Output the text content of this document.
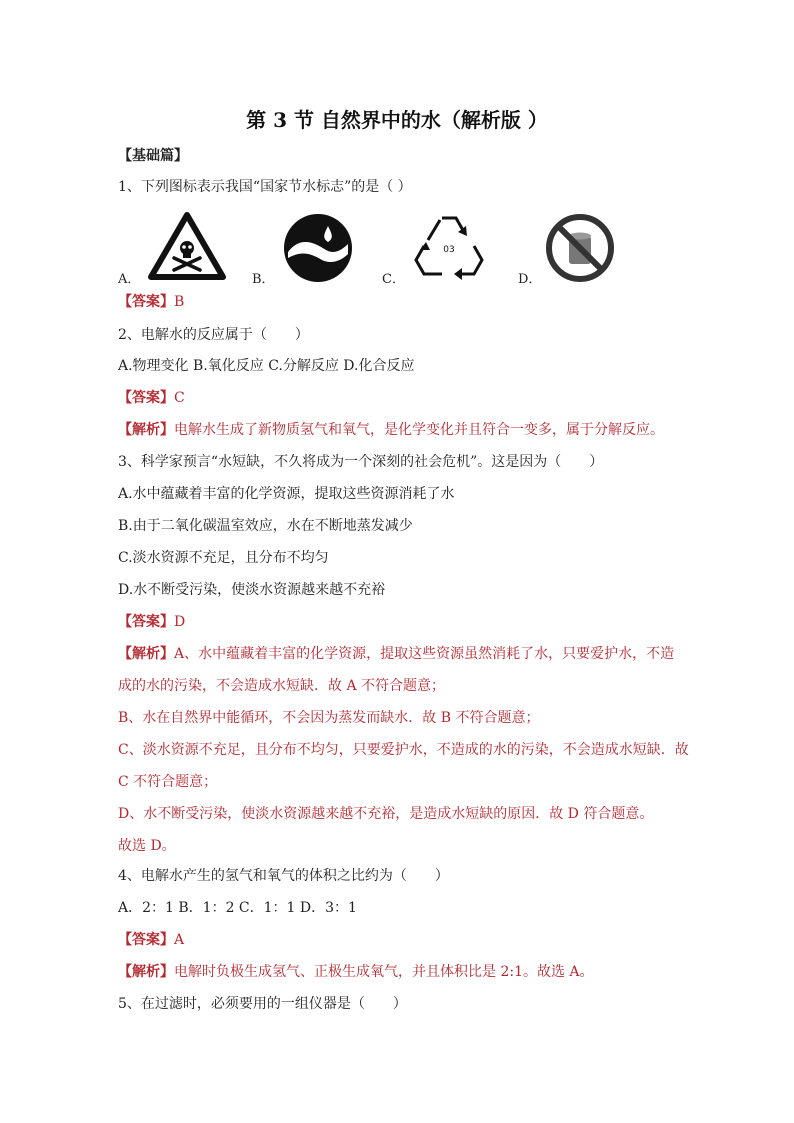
第 3 节 自然界中的水（解析版 ）
【基础篇】
1、下列图标表示我国“国家节水标志”的是（ ）
03
A．	B．	C．	D．
【答案】B
2、电解水的反应属于（　　）
A.物理变化 B.氧化反应 C.分解反应 D.化合反应
【答案】C
【解析】电解水生成了新物质氢气和氧气，是化学变化并且符合一变多，属于分解反应。
3、科学家预言“水短缺，不久将成为一个深刻的社会危机”。这是因为（　　）
A.水中蕴藏着丰富的化学资源，提取这些资源消耗了水
B.由于二氧化碳温室效应，水在不断地蒸发减少
C.淡水资源不充足，且分布不均匀
D.水不断受污染，使淡水资源越来越不充裕
【答案】D
【解析】A、水中蕴藏着丰富的化学资源，提取这些资源虽然消耗了水，只要爱护水，不造
成的水的污染，不会造成水短缺．故 A 不符合题意；
B、水在自然界中能循环，不会因为蒸发而缺水．故 B 不符合题意；
C、淡水资源不充足，且分布不均匀，只要爱护水，不造成的水的污染，不会造成水短缺．故
C 不符合题意；
D、水不断受污染，使淡水资源越来越不充裕，是造成水短缺的原因．故 D 符合题意。
故选 D。
4、电解水产生的氢气和氧气的体积之比约为（　　）
A．2：1 B．1：2 C．1：1 D．3：1
【答案】A
【解析】电解时负极生成氢气、正极生成氧气，并且体积比是 2:1。故选 A。
5、在过滤时，必须要用的一组仪器是（　　）
